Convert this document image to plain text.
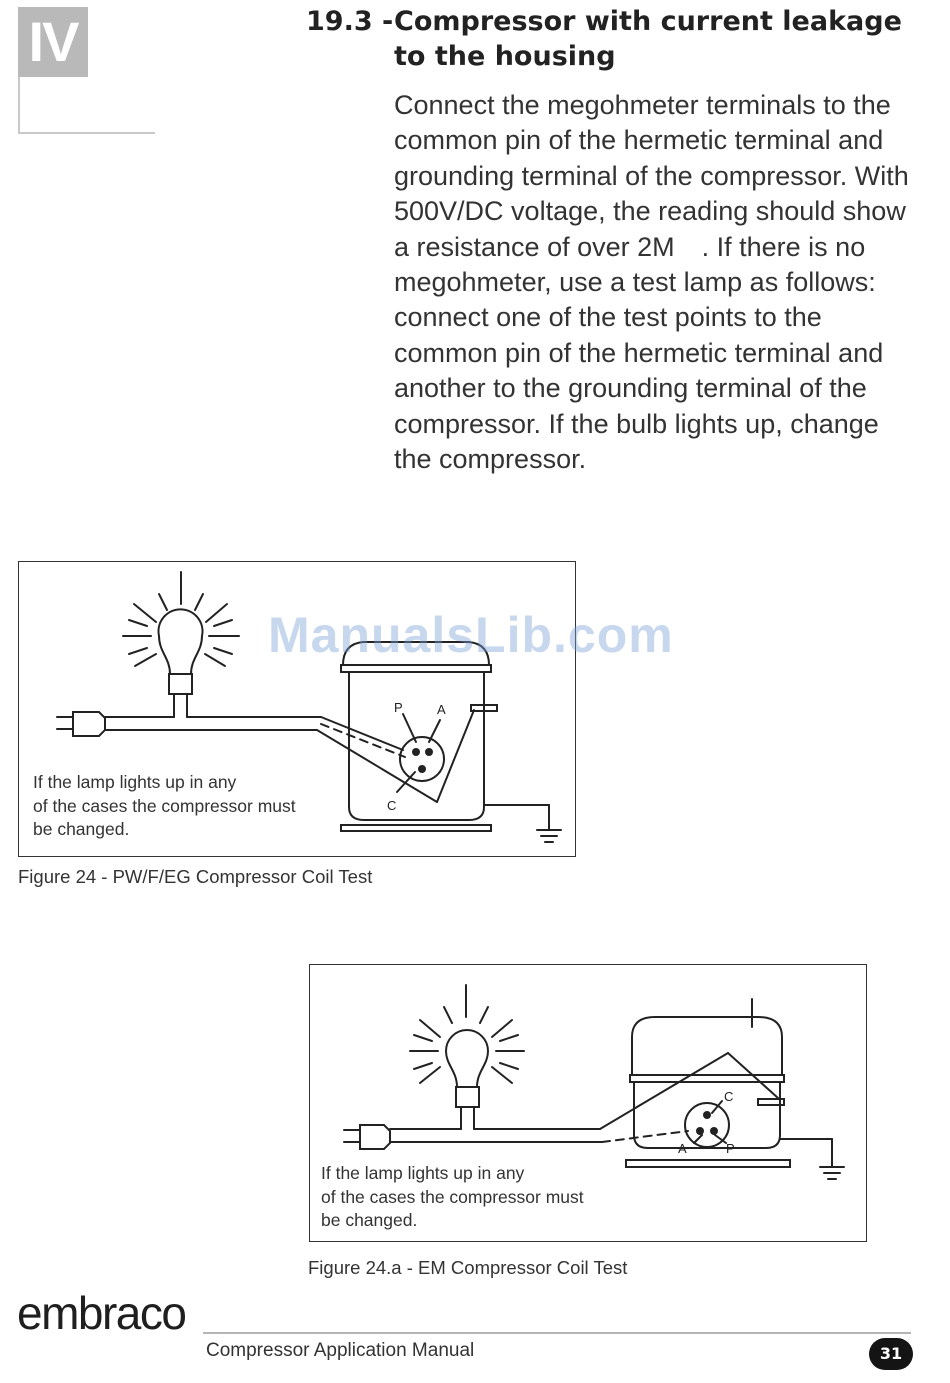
IV	19.3 -Compressor with current leakage
to the housing

Connect the megohmeter terminals to the common pin of the hermetic terminal and grounding terminal of the compressor. With 500V/DC voltage, the reading should show a resistance of over 2M . If there is no megohmeter, use a test lamp as follows: connect one of the test points to the common pin of the hermetic terminal and another to the grounding terminal of the compressor. If the bulb lights up, change the compressor.

P	A
C
If the lamp lights up in any
of the cases the compressor must
be changed.

Figure 24 - PW/F/EG Compressor Coil Test

C
A	P
If the lamp lights up in any
of the cases the compressor must
be changed.

Figure 24.a - EM Compressor Coil Test

ManualsLib.com

embraco

Compressor Application Manual	31
